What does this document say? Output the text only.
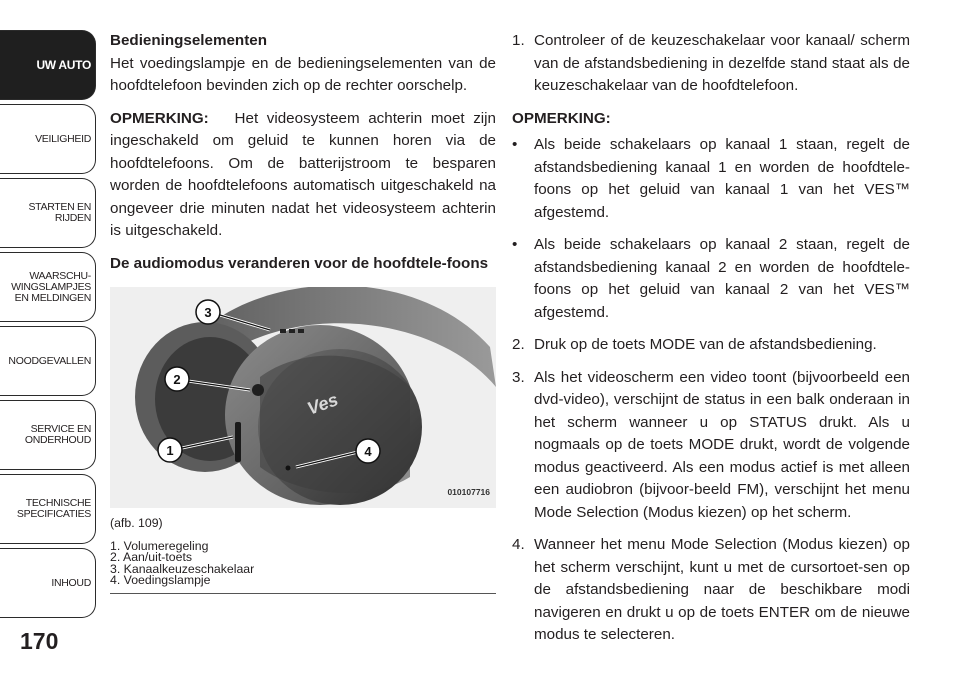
UW AUTO
VEILIGHEID
STARTEN EN
RIJDEN
WAARSCHU-
WINGSLAMPJES
EN MELDINGEN
NOODGEVALLEN
SERVICE EN
ONDERHOUD
TECHNISCHE
SPECIFICATIES
INHOUD
170

Bedieningselementen

Het voedingslampje en de bedieningselementen van de hoofdtelefoon bevinden zich op de rechter oorschelp.

OPMERKING: Het videosysteem achterin moet zijn ingeschakeld om geluid te kunnen horen via de hoofdtelefoons. Om de batterijstroom te besparen worden de hoofdtelefoons automatisch uitgeschakeld na ongeveer drie minuten nadat het videosysteem achterin is uitgeschakeld.

De audiomodus veranderen voor de hoofdtele-foons

3
2
1	4
Ves
010107716
(afb. 109)
1. Volumeregeling
2. Aan/uit-toets
3. Kanaalkeuzeschakelaar
4. Voedingslampje
1. Controleer of de keuzeschakelaar voor kanaal/ scherm van de afstandsbediening in dezelfde stand staat als de keuzeschakelaar van de hoofdtelefoon.

OPMERKING:

• Als beide schakelaars op kanaal 1 staan, regelt de afstandsbediening kanaal 1 en worden de hoofdtele-foons op het geluid van kanaal 1 van het VES™ afgestemd.
• Als beide schakelaars op kanaal 2 staan, regelt de afstandsbediening kanaal 2 en worden de hoofdtele-foons op het geluid van kanaal 2 van het VES™ afgestemd.
2. Druk op de toets MODE van de afstandsbediening.
3. Als het videoscherm een video toont (bijvoorbeeld een dvd-video), verschijnt de status in een balk onderaan in het scherm wanneer u op STATUS drukt. Als u nogmaals op de toets MODE drukt, wordt de volgende modus geactiveerd. Als een modus actief is met alleen een audiobron (bijvoor-beeld FM), verschijnt het menu Mode Selection (Modus kiezen) op het scherm.
4. Wanneer het menu Mode Selection (Modus kiezen) op het scherm verschijnt, kunt u met de cursortoet-sen op de afstandsbediening naar de beschikbare modi navigeren en drukt u op de toets ENTER om de nieuwe modus te selecteren.
